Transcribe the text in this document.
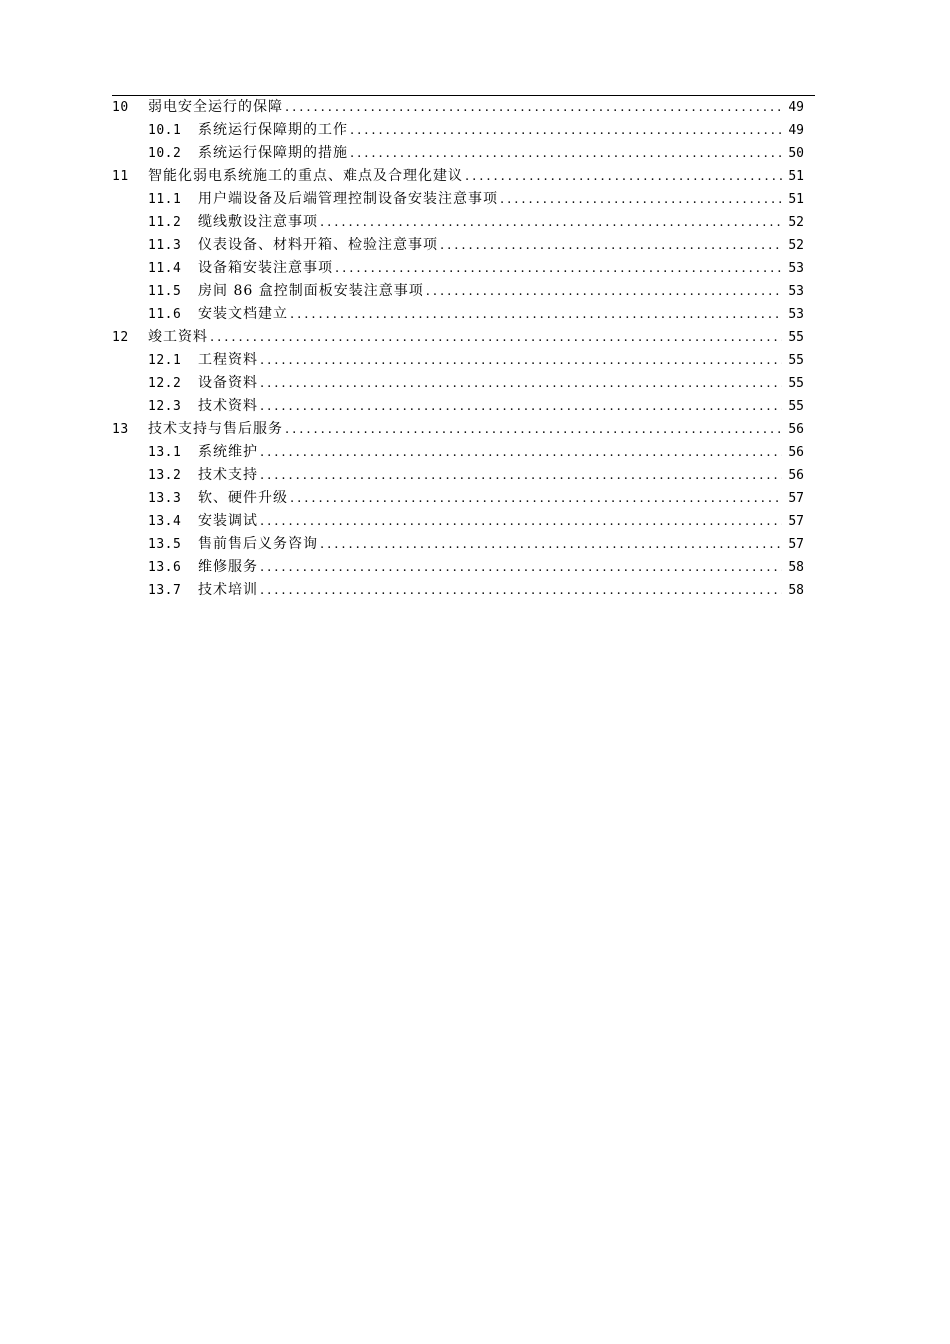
10	弱电安全运行的保障 .....	49
10.1	系统运行保障期的工作 .....	49
10.2	系统运行保障期的措施 .....	50
11	智能化弱电系统施工的重点、难点及合理化建议 .....	51
11.1	用户端设备及后端管理控制设备安装注意事项 .....	51
11.2	缆线敷设注意事项 .....	52
11.3	仪表设备、材料开箱、检验注意事项 .....	52
11.4	设备箱安装注意事项 .....	53
11.5	房间 86 盒控制面板安装注意事项 .....	53
11.6	安装文档建立 .....	53
12	竣工资料 .....	55
12.1	工程资料 .....	55
12.2	设备资料 .....	55
12.3	技术资料 .....	55
13	技术支持与售后服务 .....	56
13.1	系统维护 .....	56
13.2	技术支持 .....	56
13.3	软、硬件升级 .....	57
13.4	安装调试 .....	57
13.5	售前售后义务咨询 .....	57
13.6	维修服务 .....	58
13.7	技术培训 .....	58
